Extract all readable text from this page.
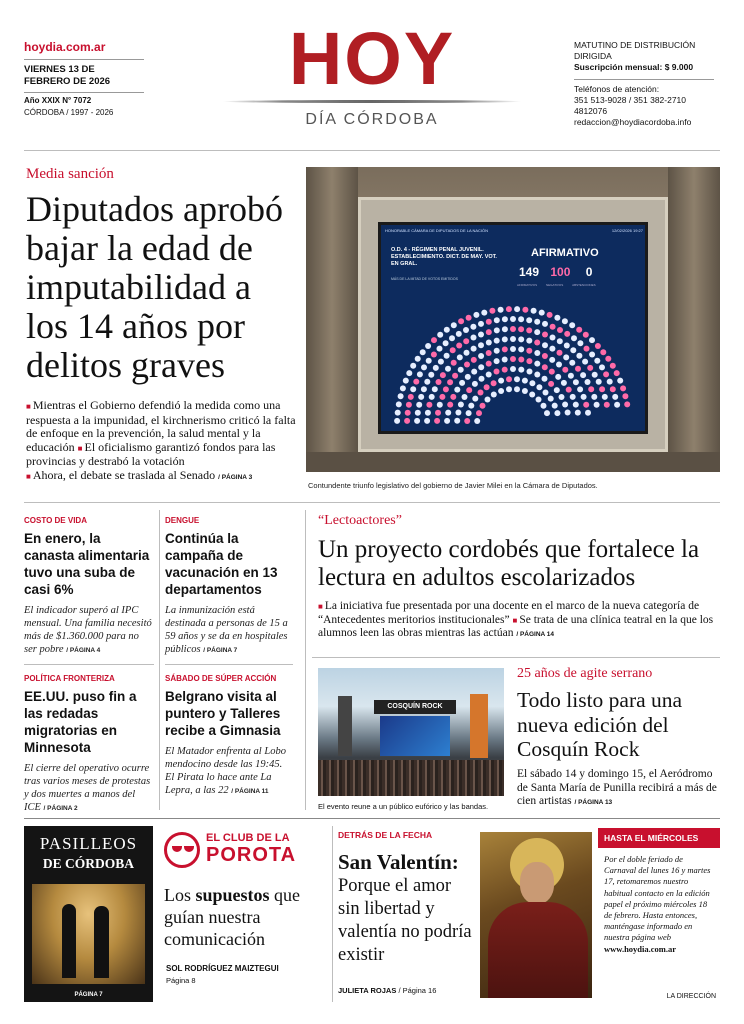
hoydia.com.ar
VIERNES 13 DE FEBRERO DE 2026
Año XXIX N° 7072
CÓRDOBA / 1997 - 2026
HOY
DÍA CÓRDOBA
MATUTINO DE DISTRIBUCIÓN DIRIGIDA
Suscripción mensual: $ 9.000
Teléfonos de atención:
351 513-9028 / 351 382-2710
4812076
redaccion@hoydiacordoba.info
Media sanción
Diputados aprobó bajar la edad de imputabilidad a los 14 años por delitos graves
■ Mientras el Gobierno defendió la medida como una respuesta a la impunidad, el kirchnerismo criticó la falta de enfoque en la prevención, la salud mental y la educación ■ El oficialismo garantizó fondos para las provincias y destrabó la votación
■ Ahora, el debate se traslada al Senado / PÁGINA 3
HONORABLE CÁMARA DE DIPUTADOS DE LA NACIÓN	12/02/2026 19:27
O.D. 4 - RÉGIMEN PENAL JUVENIL. ESTABLECIMIENTO. DICT. DE MAY. VOT. EN GRAL.
MÁS DE LA MITAD DE VOTOS EMITIDOS
AFIRMATIVO
149 100 0
AFIRMATIVOS	NEGATIVOS	ABSTENCIONES
Contundente triunfo legislativo del gobierno de Javier Milei en la Cámara de Diputados.
COSTO DE VIDA
En enero, la canasta alimentaria tuvo una suba de casi 6%
El indicador superó al IPC mensual. Una familia necesitó más de $1.360.000 para no ser pobre / PÁGINA 4
POLÍTICA FRONTERIZA
EE.UU. puso fin a las redadas migratorias en Minnesota
El cierre del operativo ocurre tras varios meses de protestas y dos muertes a manos del ICE / PÁGINA 2
DENGUE
Continúa la campaña de vacunación en 13 departamentos
La inmunización está destinada a personas de 15 a 59 años y se da en hospitales públicos / PÁGINA 7
SÁBADO DE SÚPER ACCIÓN
Belgrano visita al puntero y Talleres recibe a Gimnasia
El Matador enfrenta al Lobo mendocino desde las 19:45. El Pirata lo hace ante La Lepra, a las 22 / PÁGINA 11
“Lectoactores”
Un proyecto cordobés que fortalece la lectura en adultos escolarizados
■ La iniciativa fue presentada por una docente en el marco de la nueva categoría de “Antecedentes meritorios institucionales” ■ Se trata de una clínica teatral en la que los alumnos leen las obras mientras las actúan / PÁGINA 14
COSQUÍN ROCK
El evento reune a un público eufórico y las bandas.
25 años de agite serrano
Todo listo para una nueva edición del Cosquín Rock
El sábado 14 y domingo 15, el Aeródromo de Santa María de Punilla recibirá a más de cien artistas / PÁGINA 13
PASILLEOS
DE CÓRDOBA
PÁGINA 7
EL CLUB DE LA
POROTA
Los supuestos que guían nuestra comunicación
SOL RODRÍGUEZ MAIZTEGUI
Página 8
DETRÁS DE LA FECHA
San Valentín:
Porque el amor sin libertad y valentía no podría existir
JULIETA ROJAS / Página 16
HASTA EL MIÉRCOLES
Por el doble feriado de Carnaval del lunes 16 y martes 17, retomaremos nuestro habitual contacto en la edición papel el próximo miércoles 18 de febrero. Hasta entonces, manténgase informado en nuestra página web www.hoydia.com.ar
LA DIRECCIÓN
